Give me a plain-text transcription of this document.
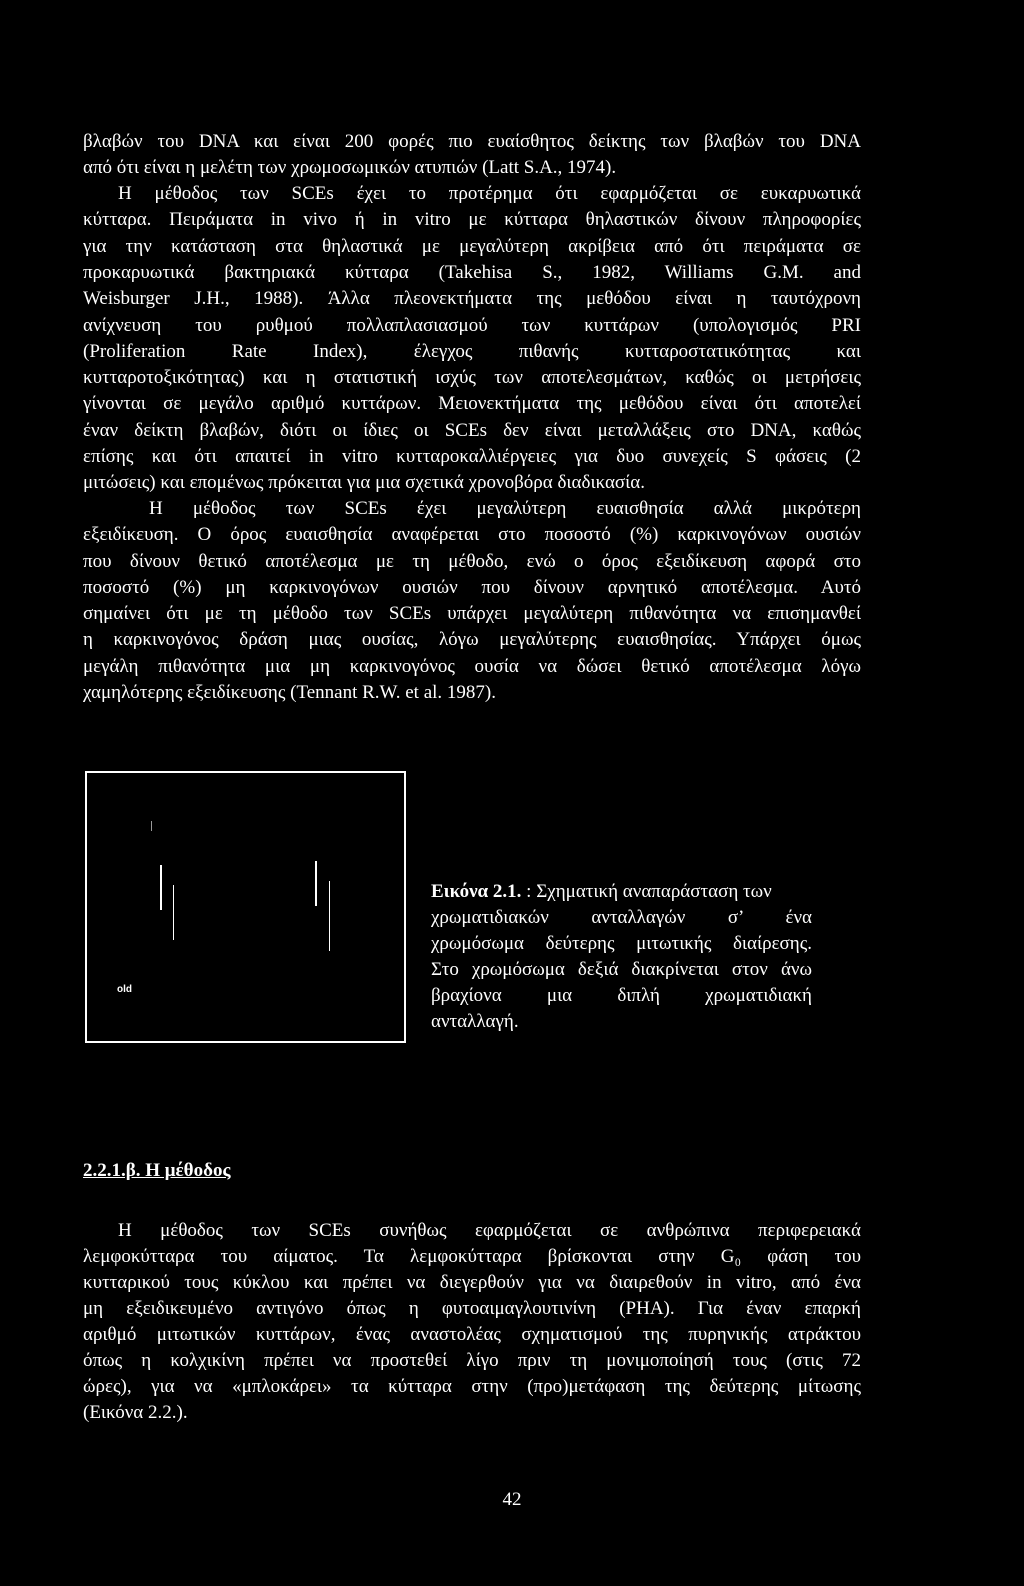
βλαβών του DNA και είναι 200 φορές πιο ευαίσθητος δείκτης των βλαβών του DNA
από ότι είναι η μελέτη των χρωμοσωμικών ατυπιών (Latt S.A., 1974).
Η μέθοδος των SCEs έχει το προτέρημα ότι εφαρμόζεται σε ευκαρυωτικά
κύτταρα. Πειράματα in vivo ή in vitro με κύτταρα θηλαστικών δίνουν πληροφορίες
για την κατάσταση στα θηλαστικά με μεγαλύτερη ακρίβεια από ότι πειράματα σε
προκαρυωτικά βακτηριακά κύτταρα (Takehisa S., 1982, Williams G.M. and
Weisburger J.H., 1988). Άλλα πλεονεκτήματα της μεθόδου είναι η ταυτόχρονη
ανίχνευση του ρυθμού πολλαπλασιασμού των κυττάρων (υπολογισμός PRI
(Proliferation Rate Index), έλεγχος πιθανής κυτταροστατικότητας και
κυτταροτοξικότητας) και η στατιστική ισχύς των αποτελεσμάτων, καθώς οι μετρήσεις
γίνονται σε μεγάλο αριθμό κυττάρων. Μειονεκτήματα της μεθόδου είναι ότι αποτελεί
έναν δείκτη βλαβών, διότι οι ίδιες οι SCEs δεν είναι μεταλλάξεις στο DNA, καθώς
επίσης και ότι απαιτεί in vitro κυτταροκαλλιέργειες για δυο συνεχείς S φάσεις (2
μιτώσεις) και επομένως πρόκειται για μια σχετικά χρονοβόρα διαδικασία.
Η μέθοδος των SCEs έχει μεγαλύτερη ευαισθησία αλλά μικρότερη
εξειδίκευση. Ο όρος ευαισθησία αναφέρεται στο ποσοστό (%) καρκινογόνων ουσιών
που δίνουν θετικό αποτέλεσμα με τη μέθοδο, ενώ ο όρος εξειδίκευση αφορά στο
ποσοστό (%) μη καρκινογόνων ουσιών που δίνουν αρνητικό αποτέλεσμα. Αυτό
σημαίνει ότι με τη μέθοδο των SCEs υπάρχει μεγαλύτερη πιθανότητα να επισημανθεί
η καρκινογόνος δράση μιας ουσίας, λόγω μεγαλύτερης ευαισθησίας. Υπάρχει όμως
μεγάλη πιθανότητα μια μη καρκινογόνος ουσία να δώσει θετικό αποτέλεσμα λόγω
χαμηλότερης εξειδίκευσης (Tennant R.W. et al. 1987).
old
Εικόνα 2.1. : Σχηματική αναπαράσταση των
χρωματιδιακών ανταλλαγών σ’ ένα
χρωμόσωμα δεύτερης μιτωτικής διαίρεσης.
Στο χρωμόσωμα δεξιά διακρίνεται στον άνω
βραχίονα μια διπλή χρωματιδιακή
ανταλλαγή.
2.2.1.β. Η μέθοδος
Η μέθοδος των SCEs συνήθως εφαρμόζεται σε ανθρώπινα περιφερειακά
λεμφοκύτταρα του αίματος. Τα λεμφοκύτταρα βρίσκονται στην G₀ φάση του
κυτταρικού τους κύκλου και πρέπει να διεγερθούν για να διαιρεθούν in vitro, από ένα
μη εξειδικευμένο αντιγόνο όπως η φυτοαιμαγλουτινίνη (PHA). Για έναν επαρκή
αριθμό μιτωτικών κυττάρων, ένας αναστολέας σχηματισμού της πυρηνικής ατράκτου
όπως η κολχικίνη πρέπει να προστεθεί λίγο πριν τη μονιμοποίησή τους (στις 72
ώρες), για να «μπλοκάρει» τα κύτταρα στην (προ)μετάφαση της δεύτερης μίτωσης
(Εικόνα 2.2.).
42
